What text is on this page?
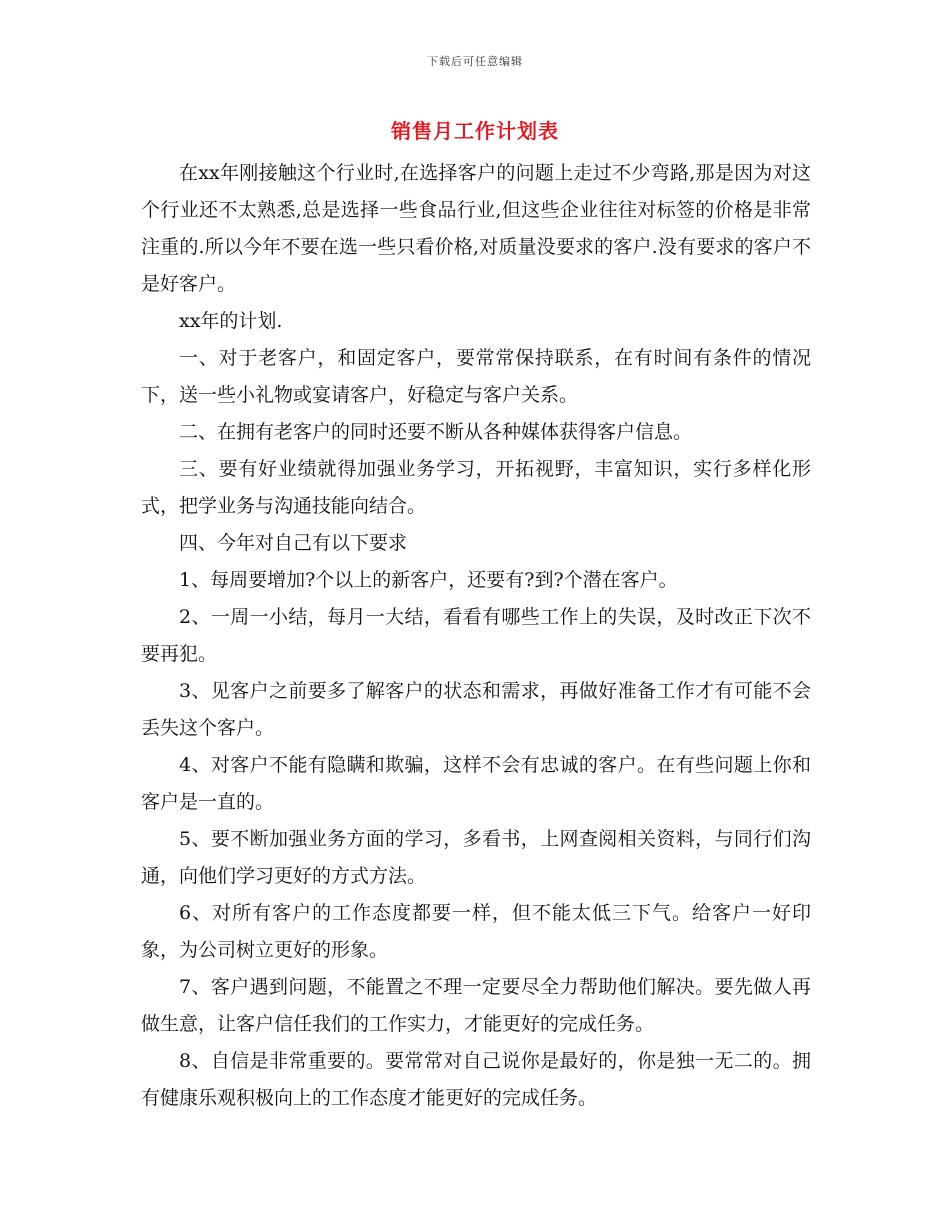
下载后可任意编辑
销售月工作计划表

在xx年刚接触这个行业时,在选择客户的问题上走过不少弯路,那是因为对这个行业还不太熟悉,总是选择一些食品行业,但这些企业往往对标签的价格是非常注重的.所以今年不要在选一些只看价格,对质量没要求的客户.没有要求的客户不是好客户。

xx年的计划.

一、对于老客户，和固定客户，要常常保持联系，在有时间有条件的情况下，送一些小礼物或宴请客户，好稳定与客户关系。

二、在拥有老客户的同时还要不断从各种媒体获得客户信息。

三、要有好业绩就得加强业务学习，开拓视野，丰富知识，实行多样化形式，把学业务与沟通技能向结合。

四、今年对自己有以下要求

1、每周要增加?个以上的新客户，还要有?到?个潜在客户。

2、一周一小结，每月一大结，看看有哪些工作上的失误，及时改正下次不要再犯。

3、见客户之前要多了解客户的状态和需求，再做好准备工作才有可能不会丢失这个客户。

4、对客户不能有隐瞒和欺骗，这样不会有忠诚的客户。在有些问题上你和客户是一直的。

5、要不断加强业务方面的学习，多看书，上网查阅相关资料，与同行们沟通，向他们学习更好的方式方法。

6、对所有客户的工作态度都要一样，但不能太低三下气。给客户一好印象，为公司树立更好的形象。

7、客户遇到问题，不能置之不理一定要尽全力帮助他们解决。要先做人再做生意，让客户信任我们的工作实力，才能更好的完成任务。

8、自信是非常重要的。要常常对自己说你是最好的，你是独一无二的。拥有健康乐观积极向上的工作态度才能更好的完成任务。
